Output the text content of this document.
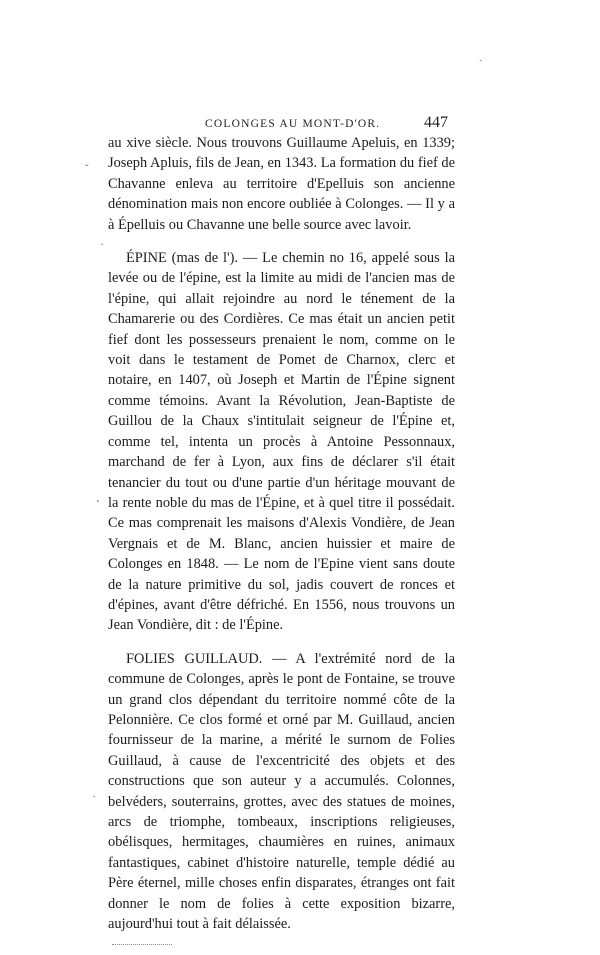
COLONGES AU MONT-D'OR.	447

au xive siècle. Nous trouvons Guillaume Apeluis, en 1339; Joseph Apluis, fils de Jean, en 1343. La formation du fief de Chavanne enleva au territoire d'Epelluis son ancienne dénomination mais non encore oubliée à Colonges. — Il y a à Épelluis ou Chavanne une belle source avec lavoir.

ÉPINE (mas de l'). — Le chemin no 16, appelé sous la levée ou de l'épine, est la limite au midi de l'ancien mas de l'épine, qui allait rejoindre au nord le ténement de la Chamarerie ou des Cordières. Ce mas était un ancien petit fief dont les possesseurs prenaient le nom, comme on le voit dans le testament de Pomet de Charnox, clerc et notaire, en 1407, où Joseph et Martin de l'Épine signent comme témoins. Avant la Révolution, Jean-Baptiste de Guillou de la Chaux s'intitulait seigneur de l'Épine et, comme tel, intenta un procès à Antoine Pessonnaux, marchand de fer à Lyon, aux fins de déclarer s'il était tenancier du tout ou d'une partie d'un héritage mouvant de la rente noble du mas de l'Épine, et à quel titre il possédait. Ce mas comprenait les maisons d'Alexis Vondière, de Jean Vergnais et de M. Blanc, ancien huissier et maire de Colonges en 1848. — Le nom de l'Epine vient sans doute de la nature primitive du sol, jadis couvert de ronces et d'épines, avant d'être défriché. En 1556, nous trouvons un Jean Vondière, dit : de l'Épine.

FOLIES GUILLAUD. — A l'extrémité nord de la commune de Colonges, après le pont de Fontaine, se trouve un grand clos dépendant du territoire nommé côte de la Pelonnière. Ce clos formé et orné par M. Guillaud, ancien fournisseur de la marine, a mérité le surnom de Folies Guillaud, à cause de l'excentricité des objets et des constructions que son auteur y a accumulés. Colonnes, belvéders, souterrains, grottes, avec des statues de moines, arcs de triomphe, tombeaux, inscriptions religieuses, obélisques, hermitages, chaumières en ruines, animaux fantastiques, cabinet d'histoire naturelle, temple dédié au Père éternel, mille choses enfin disparates, étranges ont fait donner le nom de folies à cette exposition bizarre, aujourd'hui tout à fait délaissée.

ˇ
ˋ
·
.
ˊ
